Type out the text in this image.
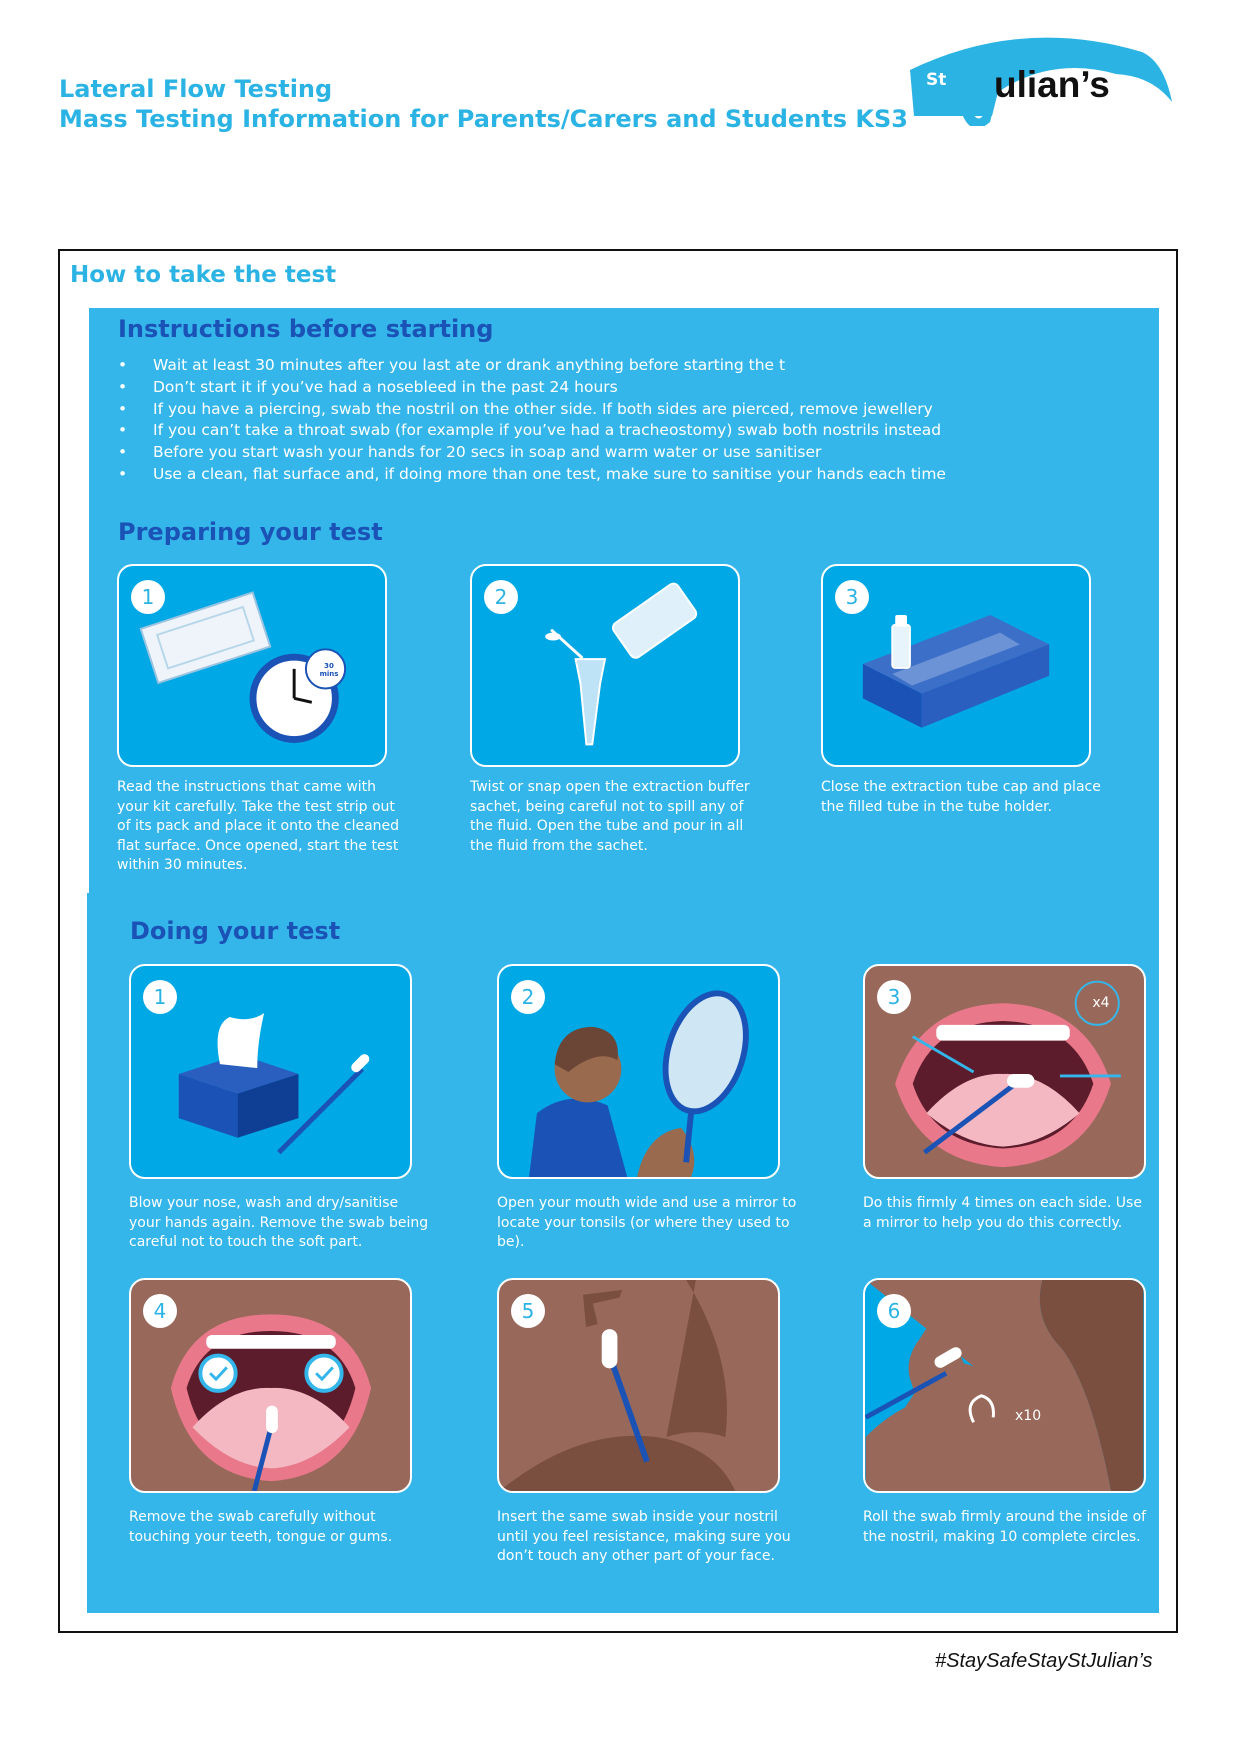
Lateral Flow Testing
Mass Testing Information for Parents/Carers and Students KS3
St ulian’s
How to take the test
Instructions before starting
• Wait at least 30 minutes after you last ate or drank anything before starting the t
• Don’t start it if you’ve had a nosebleed in the past 24 hours
• If you have a piercing, swab the nostril on the other side. If both sides are pierced, remove jewellery
• If you can’t take a throat swab (for example if you’ve had a tracheostomy) swab both nostrils instead
• Before you start wash your hands for 20 secs in soap and warm water or use sanitiser
• Use a clean, flat surface and, if doing more than one test, make sure to sanitise your hands each time
Preparing your test
1
30 mins
Read the instructions that came with your kit carefully. Take the test strip out of its pack and place it onto the cleaned flat surface. Once opened, start the test within 30 minutes.
2
Twist or snap open the extraction buffer sachet, being careful not to spill any of the fluid. Open the tube and pour in all the fluid from the sachet.
3
Close the extraction tube cap and place the filled tube in the tube holder.
Doing your test
1
Blow your nose, wash and dry/sanitise your hands again. Remove the swab being careful not to touch the soft part.
2
Open your mouth wide and use a mirror to locate your tonsils (or where they used to be).
3	x4
Do this firmly 4 times on each side. Use a mirror to help you do this correctly.
4
Remove the swab carefully without touching your teeth, tongue or gums.
5
Insert the same swab inside your nostril until you feel resistance, making sure you don’t touch any other part of your face.
6
x10
Roll the swab firmly around the inside of the nostril, making 10 complete circles.
#StaySafeStayStJulian’s
